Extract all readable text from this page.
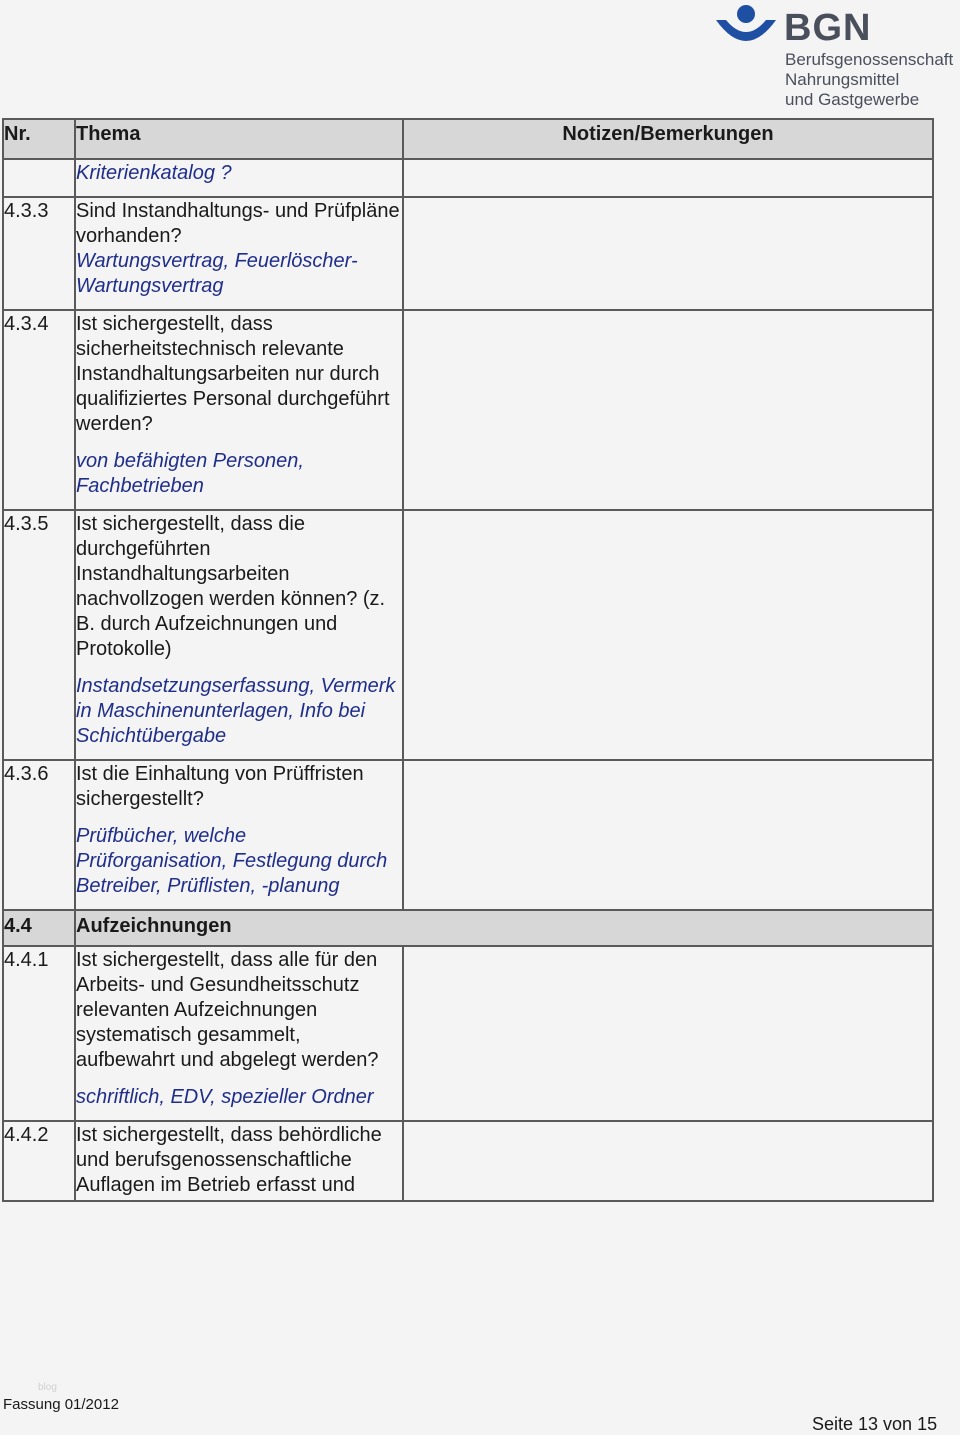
BGN
Berufsgenossenschaft
Nahrungsmittel
und Gastgewerbe
Nr.	Thema	Notizen/Bemerkungen

	Kriterienkatalog ?	

4.3.3	Sind Instandhaltungs- und Prüfpläne vorhanden?
Wartungsvertrag, Feuerlöscher-Wartungsvertrag	

4.3.4	Ist sichergestellt, dass sicherheitstechnisch relevante Instandhaltungsarbeiten nur durch qualifiziertes Personal durchgeführt werden?
von befähigten Personen, Fachbetrieben	

4.3.5	Ist sichergestellt, dass die durchgeführten Instandhaltungsarbeiten nachvollzogen werden können? (z. B. durch Aufzeichnungen und Protokolle)
Instandsetzungserfassung, Vermerk in Maschinenunterlagen, Info bei Schichtübergabe	

4.3.6	Ist die Einhaltung von Prüffristen sichergestellt?
Prüfbücher, welche Prüforganisation, Festlegung durch Betreiber, Prüflisten, -planung	

4.4	Aufzeichnungen	
4.4.1	Ist sichergestellt, dass alle für den Arbeits- und Gesundheitsschutz relevanten Aufzeichnungen systematisch gesammelt, aufbewahrt und abgelegt werden?
schriftlich, EDV, spezieller Ordner	

4.4.2	Ist sichergestellt, dass behördliche und berufsgenossenschaftliche Auflagen im Betrieb erfasst und	

blog
Fassung 01/2012
Seite 13 von 15
